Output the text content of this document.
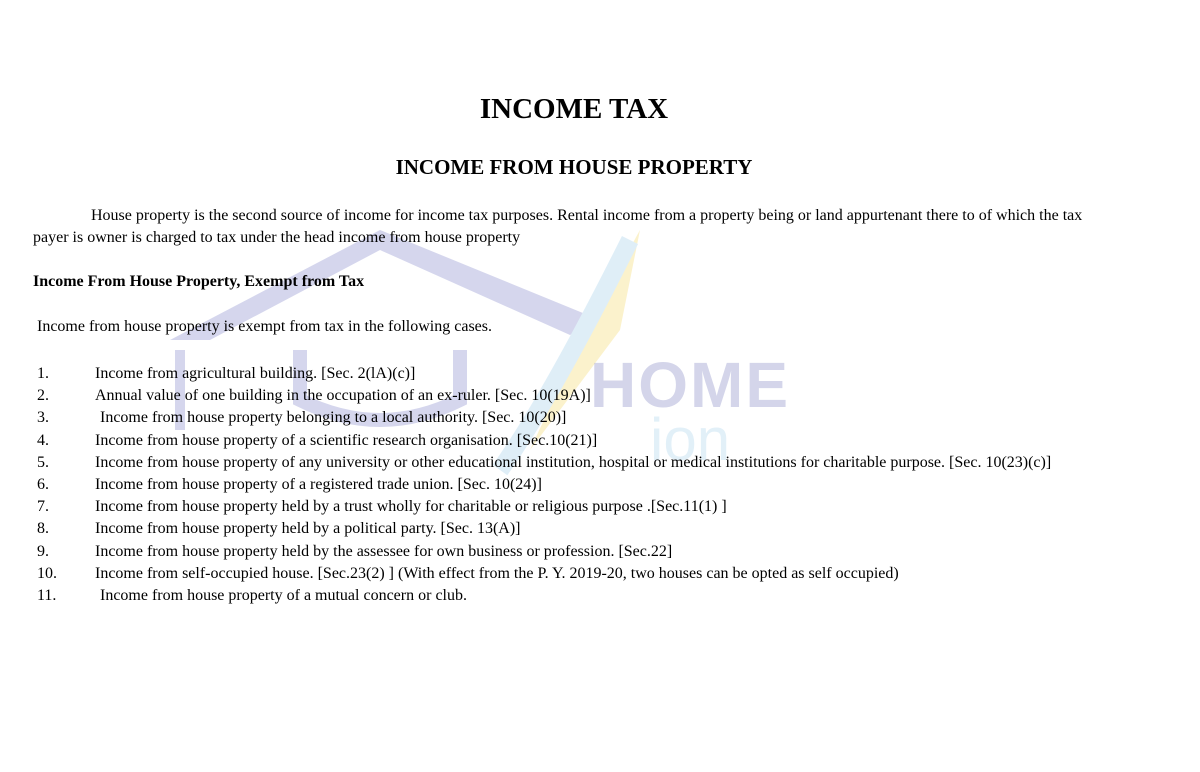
HOME
ion
INCOME TAX
INCOME FROM HOUSE PROPERTY

House property is the second source of income for income tax purposes. Rental income from a property being or land appurtenant there to of which the tax payer is owner is charged to tax under the head income from house property

Income From House Property, Exempt from Tax
Income from house property is exempt from tax in the following cases.
1.	Income from agricultural building. [Sec. 2(lA)(c)]
2.	Annual value of one building in the occupation of an ex-ruler. [Sec. 10(19A)]
3.	Income from house property belonging to a local authority. [Sec. 10(20)]
4.	Income from house property of a scientific research organisation. [Sec.10(21)]
5.	Income from house property of any university or other educational institution, hospital or medical institutions for charitable purpose. [Sec. 10(23)(c)]
6.	Income from house property of a registered trade union. [Sec. 10(24)]
7.	Income from house property held by a trust wholly for charitable or religious purpose .[Sec.11(1) ]
8.	Income from house property held by a political party. [Sec. 13(A)]
9.	Income from house property held by the assessee for own business or profession. [Sec.22]
10.	Income from self-occupied house. [Sec.23(2) ] (With effect from the P. Y. 2019-20, two houses can be opted as self occupied)
11.	Income from house property of a mutual concern or club.
